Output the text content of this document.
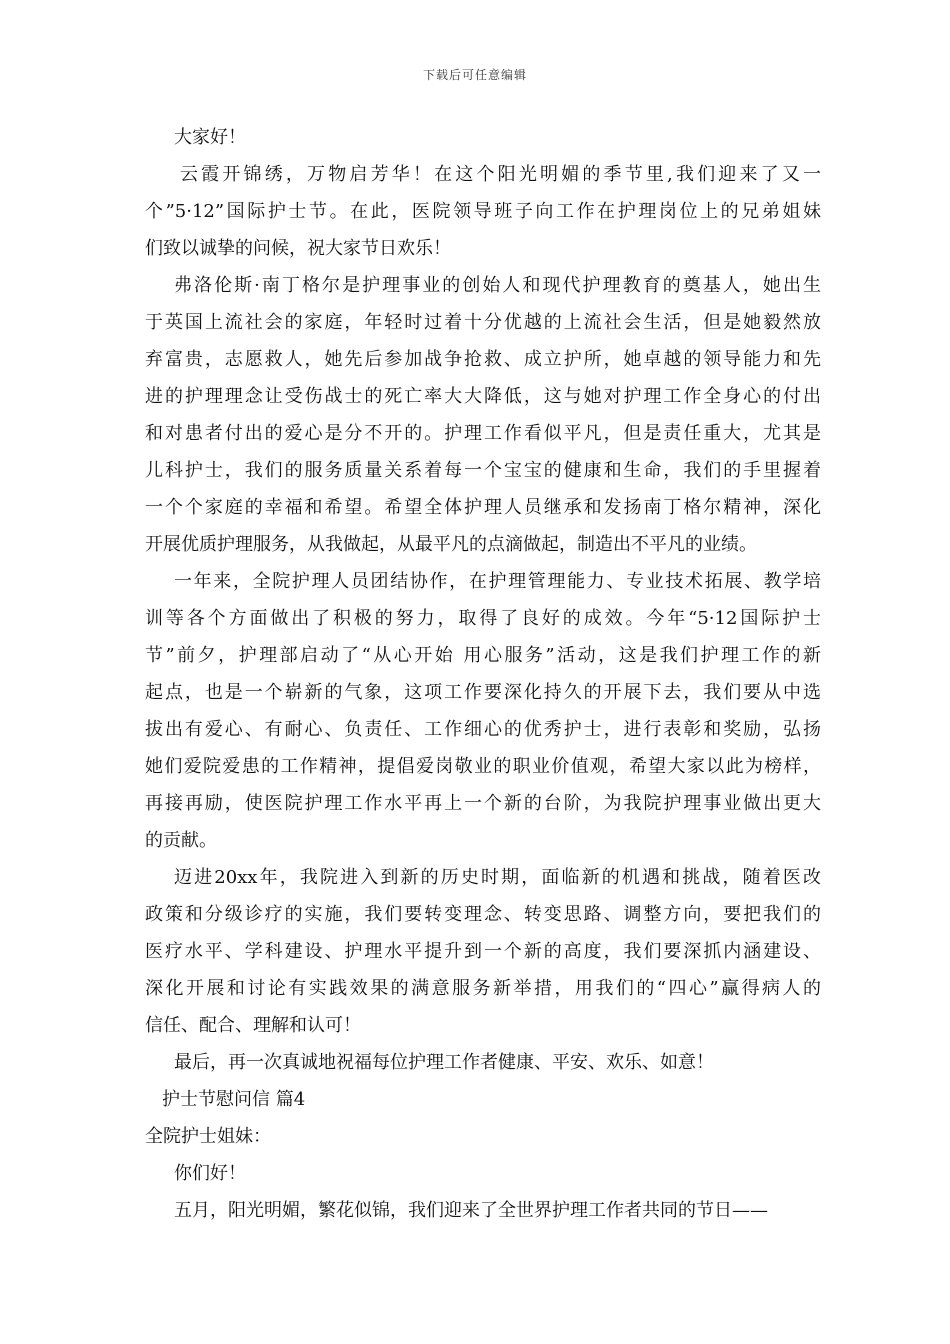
下载后可任意编辑
大家好！
云霞开锦绣，万物启芳华！在这个阳光明媚的季节里,我们迎来了又一
个”5·12”国际护士节。在此，医院领导班子向工作在护理岗位上的兄弟姐妹
们致以诚挚的问候，祝大家节日欢乐！
弗洛伦斯·南丁格尔是护理事业的创始人和现代护理教育的奠基人，她出生
于英国上流社会的家庭，年轻时过着十分优越的上流社会生活，但是她毅然放
弃富贵，志愿救人，她先后参加战争抢救、成立护所，她卓越的领导能力和先
进的护理理念让受伤战士的死亡率大大降低，这与她对护理工作全身心的付出
和对患者付出的爱心是分不开的。护理工作看似平凡，但是责任重大，尤其是
儿科护士，我们的服务质量关系着每一个宝宝的健康和生命，我们的手里握着
一个个家庭的幸福和希望。希望全体护理人员继承和发扬南丁格尔精神，深化
开展优质护理服务，从我做起，从最平凡的点滴做起，制造出不平凡的业绩。
一年来，全院护理人员团结协作，在护理管理能力、专业技术拓展、教学培
训等各个方面做出了积极的努力，取得了良好的成效。今年“5·12国际护士
节”前夕，护理部启动了“从心开始 用心服务”活动，这是我们护理工作的新
起点，也是一个崭新的气象，这项工作要深化持久的开展下去，我们要从中选
拔出有爱心、有耐心、负责任、工作细心的优秀护士，进行表彰和奖励，弘扬
她们爱院爱患的工作精神，提倡爱岗敬业的职业价值观，希望大家以此为榜样，
再接再励，使医院护理工作水平再上一个新的台阶，为我院护理事业做出更大
的贡献。
迈进20xx年，我院进入到新的历史时期，面临新的机遇和挑战，随着医改
政策和分级诊疗的实施，我们要转变理念、转变思路、调整方向，要把我们的
医疗水平、学科建设、护理水平提升到一个新的高度，我们要深抓内涵建设、
深化开展和讨论有实践效果的满意服务新举措，用我们的“四心”赢得病人的
信任、配合、理解和认可！
最后，再一次真诚地祝福每位护理工作者健康、平安、欢乐、如意！
护士节慰问信 篇4
全院护士姐妹：
你们好！
五月，阳光明媚，繁花似锦，我们迎来了全世界护理工作者共同的节日——
